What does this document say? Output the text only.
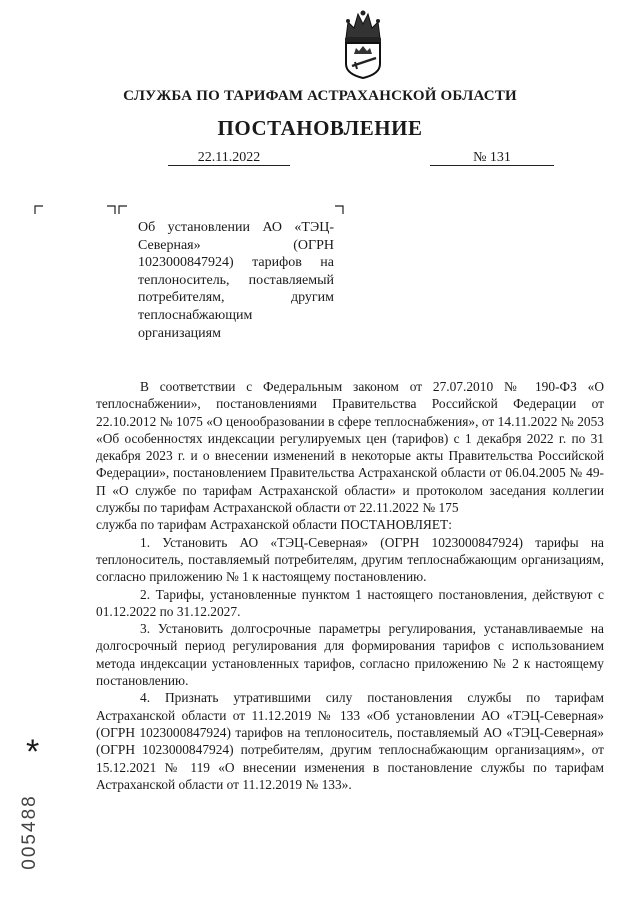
СЛУЖБА ПО ТАРИФАМ АСТРАХАНСКОЙ ОБЛАСТИ
ПОСТАНОВЛЕНИЕ
22.11.2022	№ 131
Об установлении АО «ТЭЦ-Северная» (ОГРН 1023000847924) тарифов на теплоноситель, поставляемый потребителям, другим теплоснабжающим организациям

В соответствии с Федеральным законом от 27.07.2010 № 190-ФЗ «О теплоснабжении», постановлениями Правительства Российской Федерации от 22.10.2012 № 1075 «О ценообразовании в сфере теплоснабжения», от 14.11.2022 № 2053 «Об особенностях индексации регулируемых цен (тарифов) с 1 декабря 2022 г. по 31 декабря 2023 г. и о внесении изменений в некоторые акты Правительства Российской Федерации», постановлением Правительства Астраханской области от 06.04.2005 № 49-П «О службе по тарифам Астраханской области» и протоколом заседания коллегии службы по тарифам Астраханской области от 22.11.2022 № 175

служба по тарифам Астраханской области ПОСТАНОВЛЯЕТ:

1. Установить АО «ТЭЦ-Северная» (ОГРН 1023000847924) тарифы на теплоноситель, поставляемый потребителям, другим теплоснабжающим организациям, согласно приложению № 1 к настоящему постановлению.

2. Тарифы, установленные пунктом 1 настоящего постановления, действуют с 01.12.2022 по 31.12.2027.

3. Установить долгосрочные параметры регулирования, устанавливаемые на долгосрочный период регулирования для формирования тарифов с использованием метода индексации установленных тарифов, согласно приложению № 2 к настоящему постановлению.

4. Признать утратившими силу постановления службы по тарифам Астраханской области от 11.12.2019 № 133 «Об установлении АО «ТЭЦ-Северная» (ОГРН 1023000847924) тарифов на теплоноситель, поставляемый АО «ТЭЦ-Северная» (ОГРН 1023000847924) потребителям, другим теплоснабжающим организациям», от 15.12.2021 № 119 «О внесении изменения в постановление службы по тарифам Астраханской области от 11.12.2019 № 133».

*
005488
